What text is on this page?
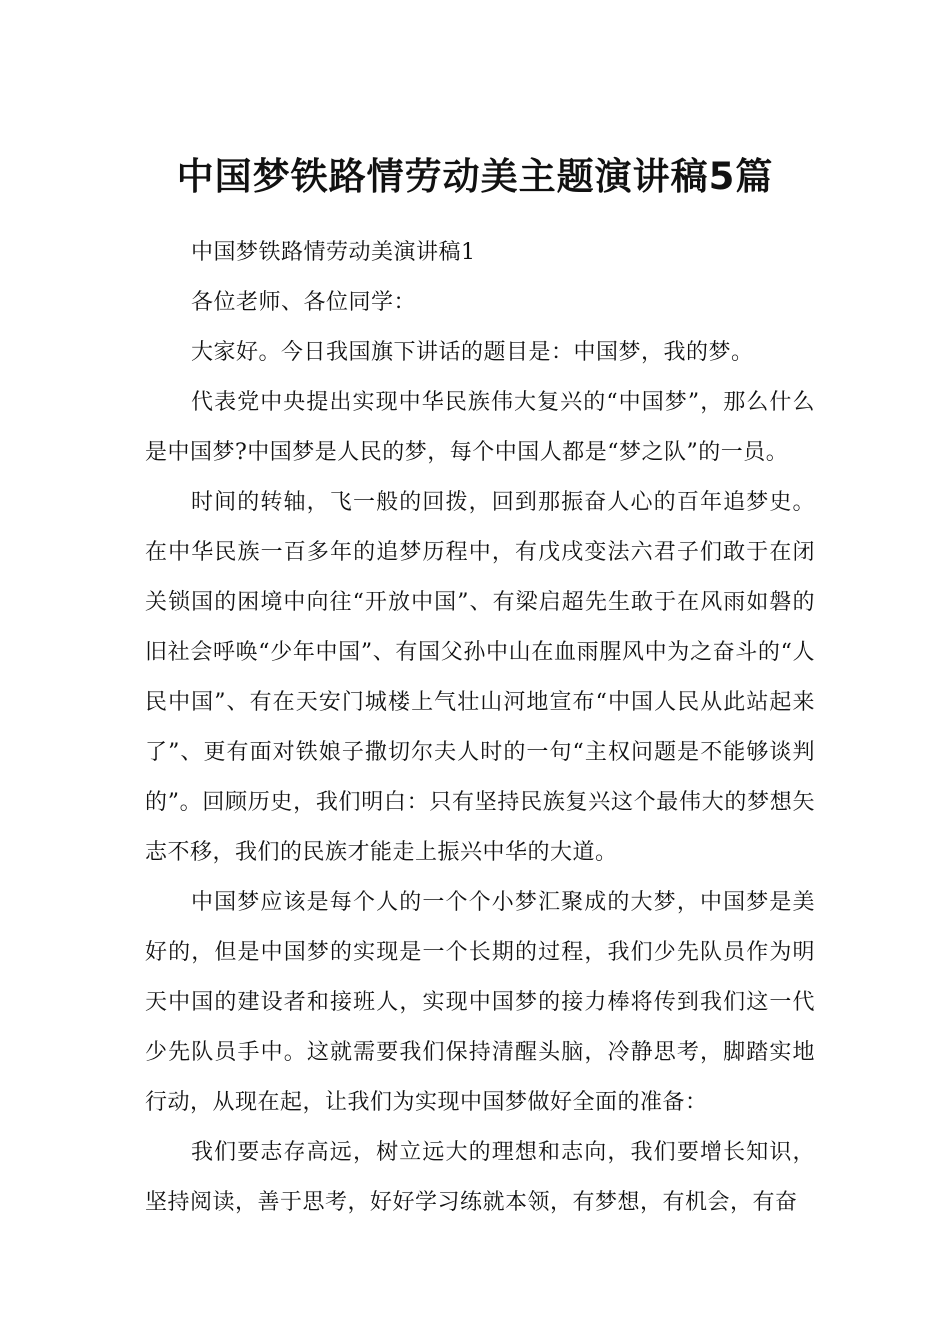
中国梦铁路情劳动美主题演讲稿5篇

中国梦铁路情劳动美演讲稿1

各位老师、各位同学：

大家好。今日我国旗下讲话的题目是：中国梦，我的梦。

代表党中央提出实现中华民族伟大复兴的“中国梦”，那么什么是中国梦?中国梦是人民的梦，每个中国人都是“梦之队”的一员。

时间的转轴，飞一般的回拨，回到那振奋人心的百年追梦史。在中华民族一百多年的追梦历程中，有戊戌变法六君子们敢于在闭关锁国的困境中向往“开放中国”、有梁启超先生敢于在风雨如磐的旧社会呼唤“少年中国”、有国父孙中山在血雨腥风中为之奋斗的“人民中国”、有在天安门城楼上气壮山河地宣布“中国人民从此站起来了”、更有面对铁娘子撒切尔夫人时的一句“主权问题是不能够谈判的”。回顾历史，我们明白：只有坚持民族复兴这个最伟大的梦想矢志不移，我们的民族才能走上振兴中华的大道。

中国梦应该是每个人的一个个小梦汇聚成的大梦，中国梦是美好的，但是中国梦的实现是一个长期的过程，我们少先队员作为明天中国的建设者和接班人，实现中国梦的接力棒将传到我们这一代少先队员手中。这就需要我们保持清醒头脑，冷静思考，脚踏实地行动，从现在起，让我们为实现中国梦做好全面的准备：

我们要志存高远，树立远大的理想和志向，我们要增长知识，坚持阅读，善于思考，好好学习练就本领，有梦想，有机会，有奋
